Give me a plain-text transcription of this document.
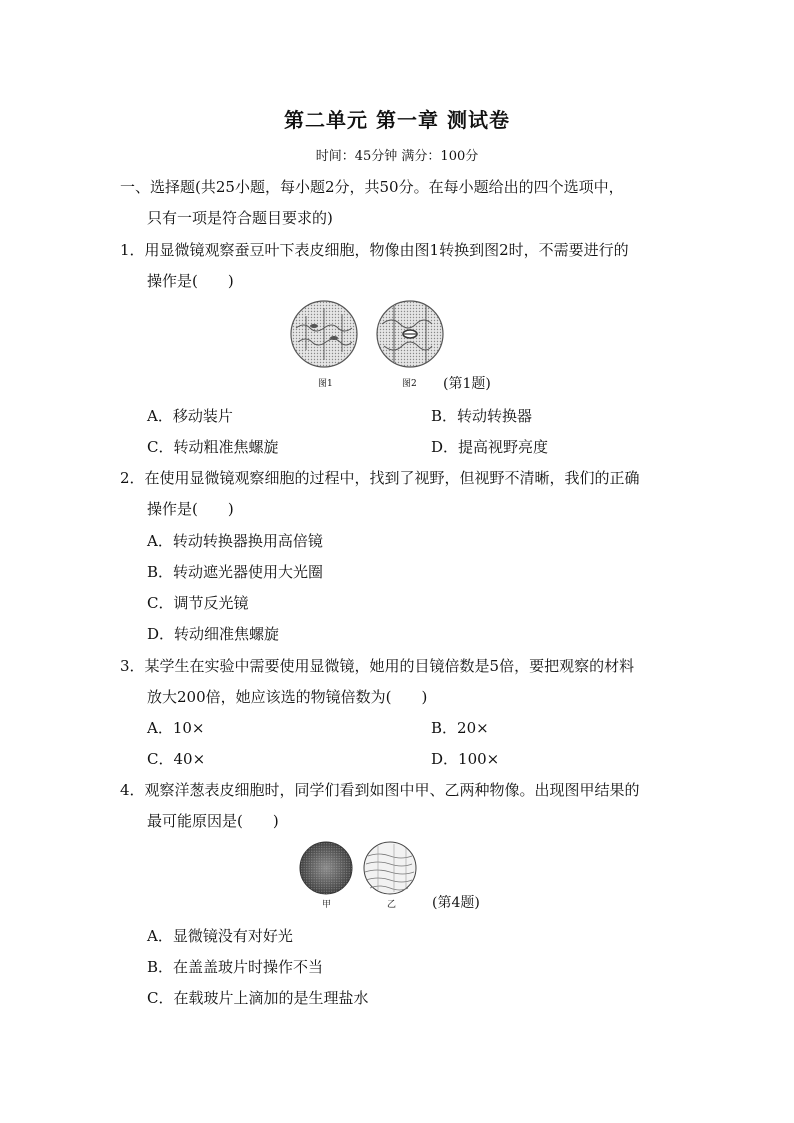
第二单元 第一章 测试卷
时间：45分钟 满分：100分
一、选择题(共25小题，每小题2分，共50分。在每小题给出的四个选项中，
只有一项是符合题目要求的)
1．用显微镜观察蚕豆叶下表皮细胞，物像由图1转换到图2时，不需要进行的
操作是(　　)
图1	图2 (第1题)
A．移动装片	B．转动转换器
C．转动粗准焦螺旋	D．提高视野亮度
2．在使用显微镜观察细胞的过程中，找到了视野，但视野不清晰，我们的正确
操作是(　　)
A．转动转换器换用高倍镜
B．转动遮光器使用大光圈
C．调节反光镜
D．转动细准焦螺旋
3．某学生在实验中需要使用显微镜，她用的目镜倍数是5倍，要把观察的材料
放大200倍，她应该选的物镜倍数为(　　)
A．10×	B．20×
C．40×	D．100×
4．观察洋葱表皮细胞时，同学们看到如图中甲、乙两种物像。出现图甲结果的
最可能原因是(　　)
甲	乙	(第4题)
A．显微镜没有对好光
B．在盖盖玻片时操作不当
C．在载玻片上滴加的是生理盐水
